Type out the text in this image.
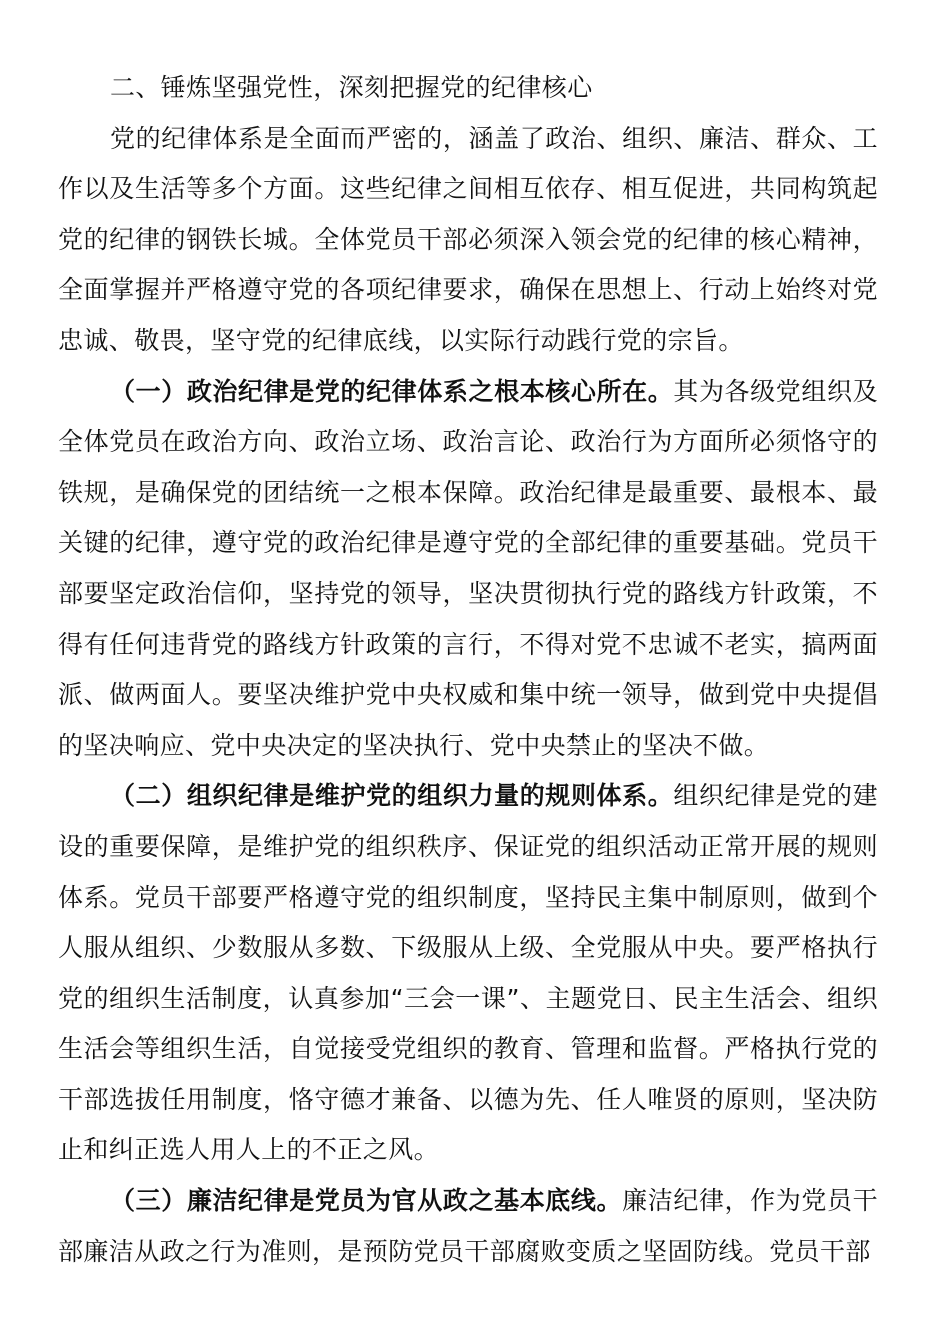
二、锤炼坚强党性，深刻把握党的纪律核心

党的纪律体系是全面而严密的，涵盖了政治、组织、廉洁、群众、工作以及生活等多个方面。这些纪律之间相互依存、相互促进，共同构筑起党的纪律的钢铁长城。全体党员干部必须深入领会党的纪律的核心精神，全面掌握并严格遵守党的各项纪律要求，确保在思想上、行动上始终对党忠诚、敬畏，坚守党的纪律底线，以实际行动践行党的宗旨。

（一）政治纪律是党的纪律体系之根本核心所在。其为各级党组织及全体党员在政治方向、政治立场、政治言论、政治行为方面所必须恪守的铁规，是确保党的团结统一之根本保障。政治纪律是最重要、最根本、最关键的纪律，遵守党的政治纪律是遵守党的全部纪律的重要基础。党员干部要坚定政治信仰，坚持党的领导，坚决贯彻执行党的路线方针政策，不得有任何违背党的路线方针政策的言行，不得对党不忠诚不老实，搞两面派、做两面人。要坚决维护党中央权威和集中统一领导，做到党中央提倡的坚决响应、党中央决定的坚决执行、党中央禁止的坚决不做。

（二）组织纪律是维护党的组织力量的规则体系。组织纪律是党的建设的重要保障，是维护党的组织秩序、保证党的组织活动正常开展的规则体系。党员干部要严格遵守党的组织制度，坚持民主集中制原则，做到个人服从组织、少数服从多数、下级服从上级、全党服从中央。要严格执行党的组织生活制度，认真参加“三会一课”、主题党日、民主生活会、组织生活会等组织生活，自觉接受党组织的教育、管理和监督。严格执行党的干部选拔任用制度，恪守德才兼备、以德为先、任人唯贤的原则，坚决防止和纠正选人用人上的不正之风。

（三）廉洁纪律是党员为官从政之基本底线。廉洁纪律，作为党员干部廉洁从政之行为准则，是预防党员干部腐败变质之坚固防线。党员干部
